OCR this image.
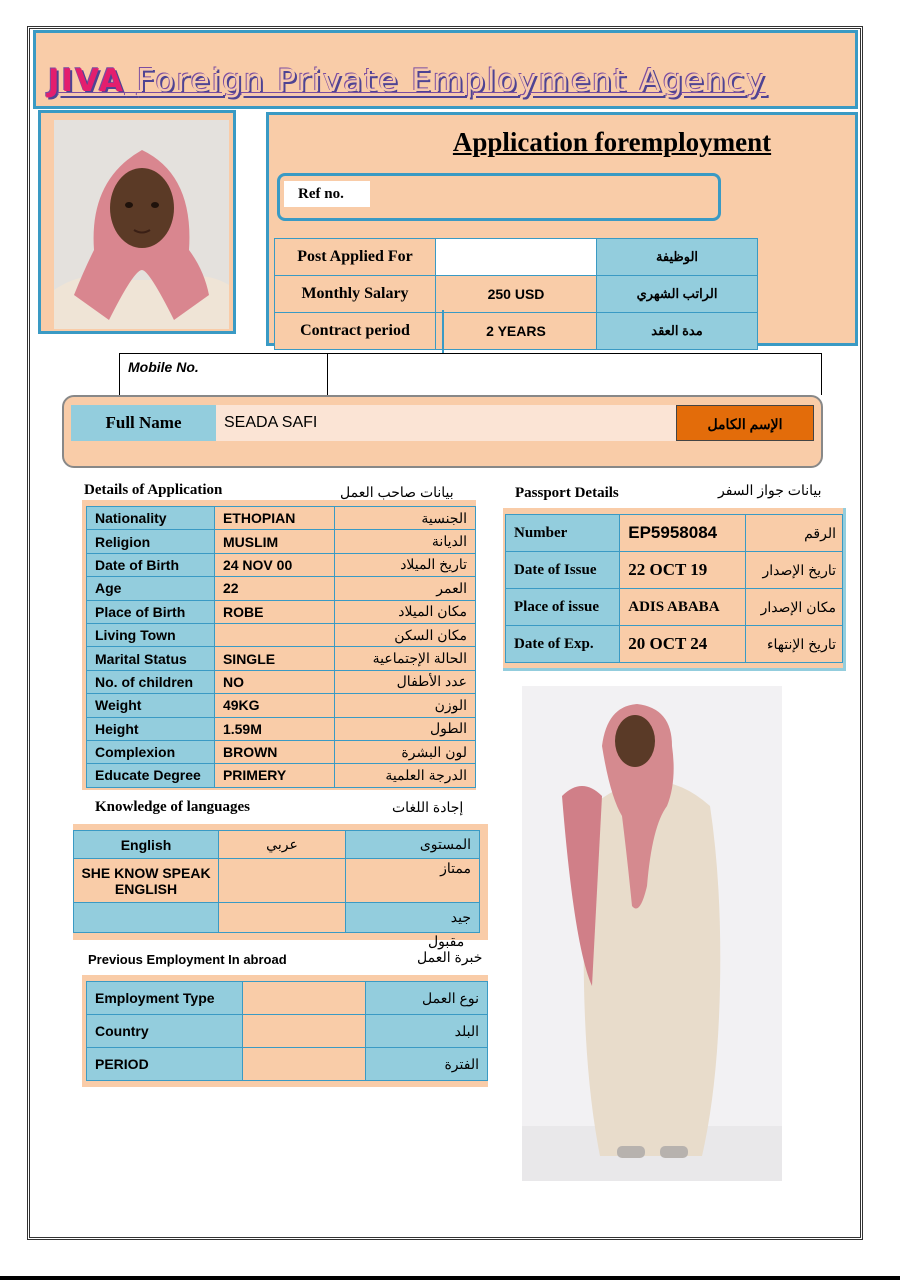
JIVA Foreign Private Employment Agency
Application foremployment
Ref no.
Post Applied For		الوظيفة
Monthly Salary	250 USD	الراتب الشهري
Contract period	2 YEARS	مدة العقد
Mobile No.
Full Name	SEADA SAFI	الإسم الكامل
Details of Application	بيانات صاحب العمل
Nationality	ETHOPIAN	الجنسية
Religion	MUSLIM	الديانة
Date of Birth	24 NOV 00	تاريخ الميلاد
Age	22	العمر
Place of Birth	ROBE	مكان الميلاد
Living Town		مكان السكن
Marital Status	SINGLE	الحالة الإجتماعية
No. of children	NO	عدد الأطفال
Weight	49KG	الوزن
Height	1.59M	الطول
Complexion	BROWN	لون البشرة
Educate Degree	PRIMERY	الدرجة العلمية
Passport Details	بيانات جواز السفر
Number	EP5958084	الرقم
Date of Issue	22 OCT 19	تاريخ الإصدار
Place of issue	ADIS ABABA	مكان الإصدار
Date of Exp.	20 OCT 24	تاريخ الإنتهاء
Knowledge of languages	إجادة اللغات
English	عربي	المستوى
SHE KNOW SPEAK ENGLISH		ممتاز
		جيد
مقبول
Previous Employment In abroad	خبرة العمل
Employment Type		نوع العمل
Country		البلد
PERIOD		الفترة
